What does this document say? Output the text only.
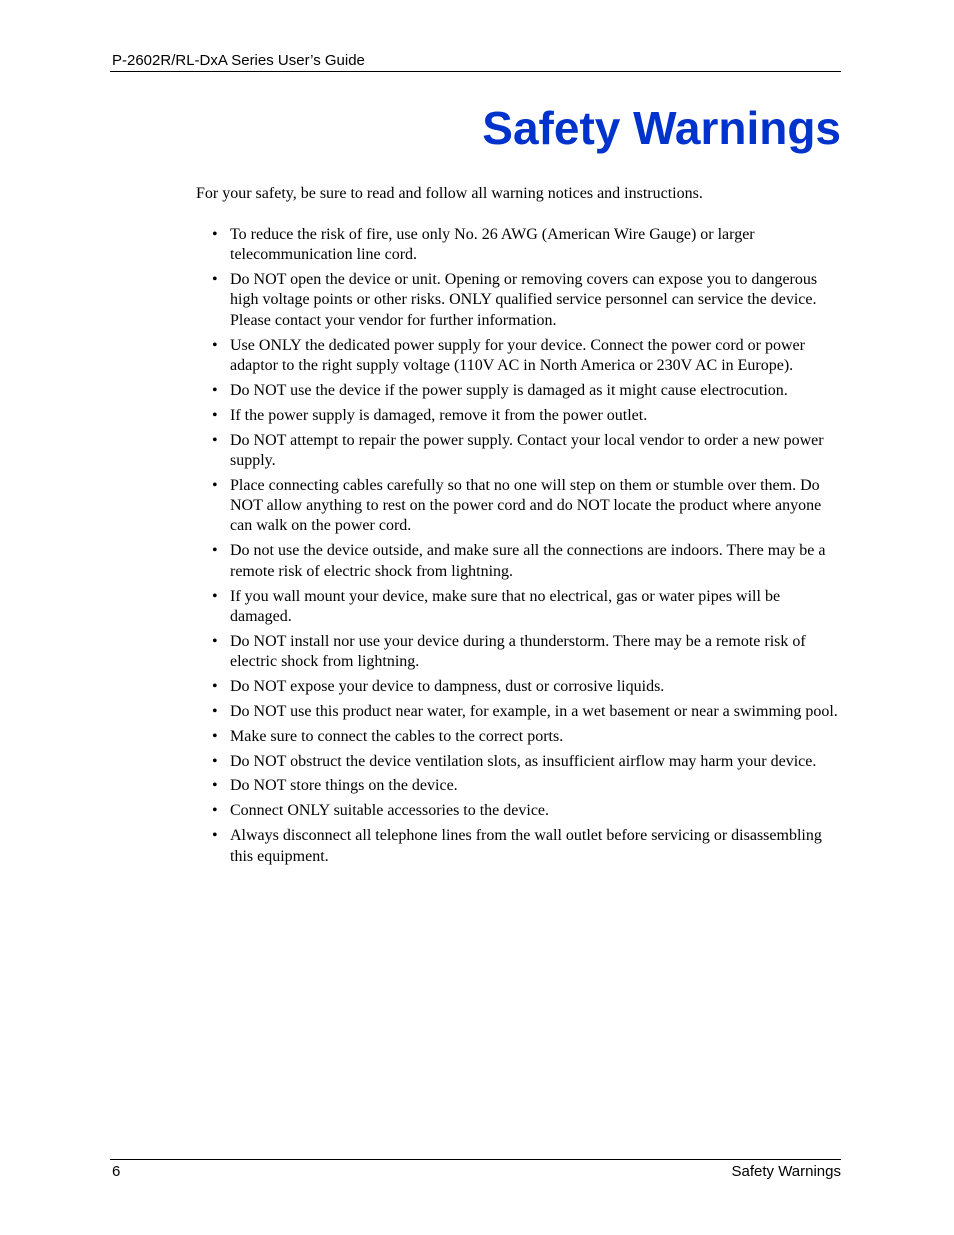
P-2602R/RL-DxA Series User’s Guide
Safety Warnings

For your safety, be sure to read and follow all warning notices and instructions.

• To reduce the risk of fire, use only No. 26 AWG (American Wire Gauge) or larger telecommunication line cord.
• Do NOT open the device or unit. Opening or removing covers can expose you to dangerous high voltage points or other risks. ONLY qualified service personnel can service the device. Please contact your vendor for further information.
• Use ONLY the dedicated power supply for your device. Connect the power cord or power adaptor to the right supply voltage (110V AC in North America or 230V AC in Europe).
• Do NOT use the device if the power supply is damaged as it might cause electrocution.
• If the power supply is damaged, remove it from the power outlet.
• Do NOT attempt to repair the power supply. Contact your local vendor to order a new power supply.
• Place connecting cables carefully so that no one will step on them or stumble over them. Do NOT allow anything to rest on the power cord and do NOT locate the product where anyone can walk on the power cord.
• Do not use the device outside, and make sure all the connections are indoors. There may be a remote risk of electric shock from lightning.
• If you wall mount your device, make sure that no electrical, gas or water pipes will be damaged.
• Do NOT install nor use your device during a thunderstorm. There may be a remote risk of electric shock from lightning.
• Do NOT expose your device to dampness, dust or corrosive liquids.
• Do NOT use this product near water, for example, in a wet basement or near a swimming pool.
• Make sure to connect the cables to the correct ports.
• Do NOT obstruct the device ventilation slots, as insufficient airflow may harm your device.
• Do NOT store things on the device.
• Connect ONLY suitable accessories to the device.
• Always disconnect all telephone lines from the wall outlet before servicing or disassembling this equipment.
6	Safety Warnings
